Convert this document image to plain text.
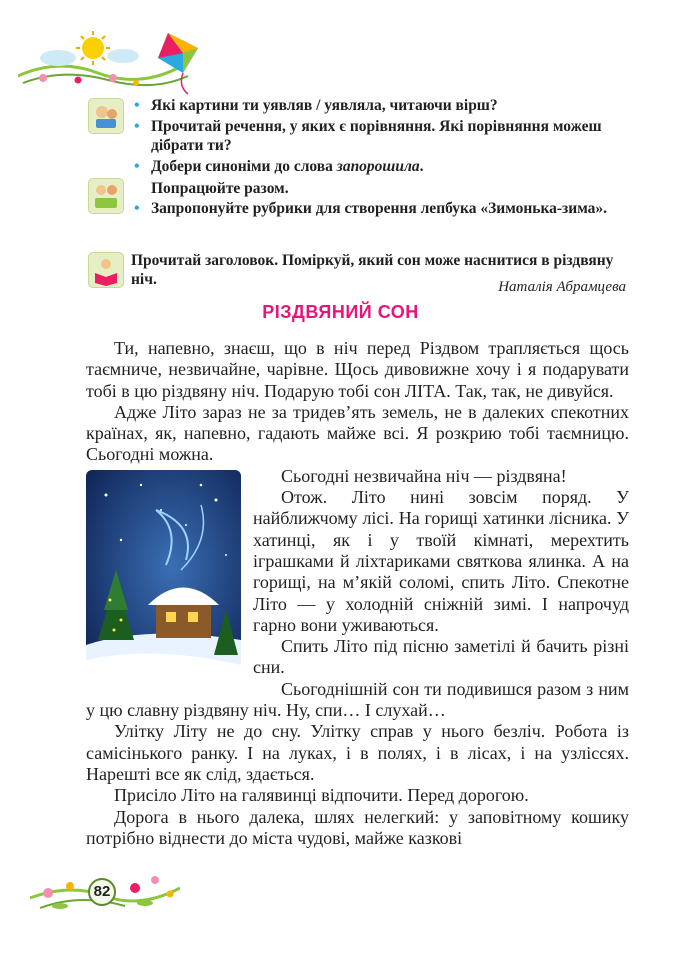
• Які картини ти уявляв / уявляла, читаючи вірш?
• Прочитай речення, у яких є порівняння. Які порівняння можеш дібрати ти?
• Добери синоніми до слова запорошила.
Попрацюйте разом.
• Запропонуйте рубрики для створення лепбука «Зимонька-зима».
Прочитай заголовок. Поміркуй, який сон може наснитися в різдвяну ніч.	Наталія Абрамцева
РІЗДВЯНИЙ СОН

Ти, напевно, знаєш, що в ніч перед Різдвом трапляється щось таємниче, незвичайне, чарівне. Щось дивовижне хочу і я подарувати тобі в цю різдвяну ніч. Подарую тобі сон ЛІТА. Так, так, не дивуйся.

Адже Літо зараз не за тридев’ять земель, не в далеких спекотних країнах, як, напевно, гадають майже всі. Я розкрию тобі таємницю. Сьогодні можна.

Сьогодні незвичайна ніч — різдвяна!

Отож. Літо нині зовсім поряд. У найближчому лісі. На горищі хатинки лісника. У хатинці, як і у твоїй кімнаті, мерехтить іграшками й ліхтариками святкова ялинка. А на горищі, на м’якій соломі, спить Літо. Спекотне Літо — у холодній сніжній зимі. І напрочуд гарно вони уживаються.

Спить Літо під пісню заметілі й бачить різні сни.

Сьогоднішній сон ти подивишся разом з ним у цю славну різдвяну ніч. Ну, спи… І слухай…

Улітку Літу не до сну. Улітку справ у нього безліч. Робота із самісінького ранку. І на луках, і в полях, і в лісах, і на узліссях. Нарешті все як слід, здається.

Присіло Літо на галявинці відпочити. Перед дорогою.

Дорога в нього далека, шлях нелегкий: у заповітному кошику потрібно віднести до міста чудові, майже казкові

82
